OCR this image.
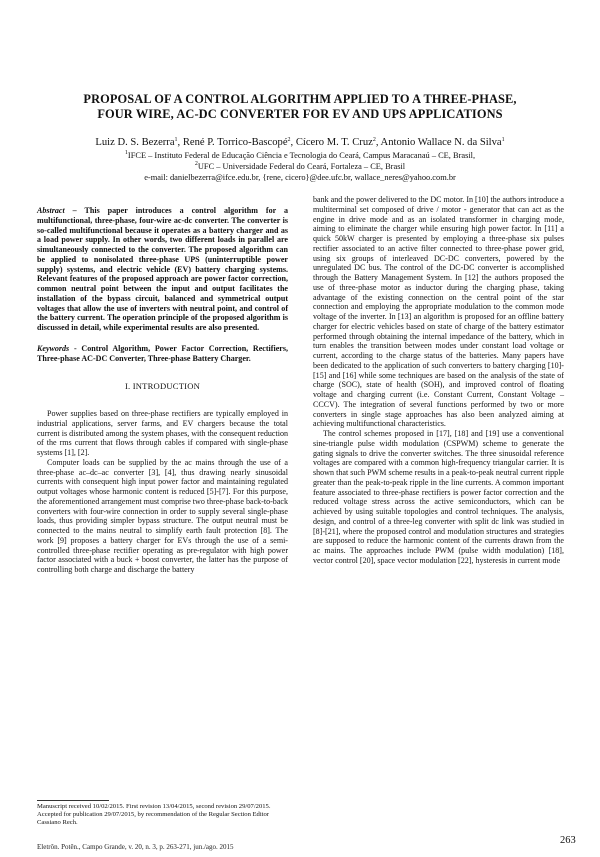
PROPOSAL OF A CONTROL ALGORITHM APPLIED TO A THREE-PHASE,
FOUR WIRE, AC-DC CONVERTER FOR EV AND UPS APPLICATIONS
Luiz D. S. Bezerra$^1$, René P. Torrico-Bascopé$^2$, Cícero M. T. Cruz$^2$, Antonio Wallace N. da Silva$^1$
$^1$IFCE – Instituto Federal de Educação Ciência e Tecnologia do Ceará, Campus Maracanaú – CE, Brasil,
$^2$UFC – Universidade Federal do Ceará, Fortaleza – CE, Brasil
e-mail: danielbezerra@ifce.edu.br, {rene, cicero}@dee.ufc.br, wallace_neres@yahoo.com.br

Abstract – This paper introduces a control algorithm for a multifunctional, three-phase, four-wire ac-dc converter. The converter is so-called multifunctional because it operates as a battery charger and as a load power supply. In other words, two different loads in parallel are simultaneously connected to the converter. The proposed algorithm can be applied to nonisolated three-phase UPS (uninterruptible power supply) systems, and electric vehicle (EV) battery charging systems. Relevant features of the proposed approach are power factor correction, common neutral point between the input and output facilitates the installation of the bypass circuit, balanced and symmetrical output voltages that allow the use of inverters with neutral point, and control of the battery current. The operation principle of the proposed algorithm is discussed in detail, while experimental results are also presented.

Keywords - Control Algorithm, Power Factor Correction, Rectifiers, Three-phase AC-DC Converter, Three-phase Battery Charger.

I. INTRODUCTION

Power supplies based on three-phase rectifiers are typically employed in industrial applications, server farms, and EV chargers because the total current is distributed among the system phases, with the consequent reduction of the rms current that flows through cables if compared with single-phase systems [1], [2].

Computer loads can be supplied by the ac mains through the use of a three-phase ac–dc–ac converter [3], [4], thus drawing nearly sinusoidal currents with consequent high input power factor and maintaining regulated output voltages whose harmonic content is reduced [5]-[7]. For this purpose, the aforementioned arrangement must comprise two three-phase back-to-back converters with four-wire connection in order to supply several single-phase loads, thus providing simpler bypass structure. The output neutral must be connected to the mains neutral to simplify earth fault protection [8]. The work [9] proposes a battery charger for EVs through the use of a semi-controlled three-phase rectifier operating as pre-regulator with high power factor associated with a buck + boost converter, the latter has the purpose of controlling both charge and discharge the battery

bank and the power delivered to the DC motor. In [10] the authors introduce a multiterminal set composed of drive / motor - generator that can act as the engine in drive mode and as an isolated transformer in charging mode, aiming to eliminate the charger while ensuring high power factor. In [11] a quick 50kW charger is presented by employing a three-phase six pulses rectifier associated to an active filter connected to three-phase power grid, using six groups of interleaved DC-DC converters, powered by the unregulated DC bus. The control of the DC-DC converter is accomplished through the Battery Management System. In [12] the authors proposed the use of three-phase motor as inductor during the charging phase, taking advantage of the existing connection on the central point of the star connection and employing the appropriate modulation to the common mode voltage of the inverter. In [13] an algorithm is proposed for an offline battery charger for electric vehicles based on state of charge of the battery estimator performed through obtaining the internal impedance of the battery, which in turn enables the transition between modes under constant load voltage or current, according to the charge status of the batteries. Many papers have been dedicated to the application of such converters to battery charging [10]-[15] and [16] while some techniques are based on the analysis of the state of charge (SOC), state of health (SOH), and improved control of floating voltage and charging current (i.e. Constant Current, Constant Voltage – CCCV). The integration of several functions performed by two or more converters in single stage approaches has also been analyzed aiming at achieving multifunctional characteristics.

The control schemes proposed in [17], [18] and [19] use a conventional sine-triangle pulse width modulation (CSPWM) scheme to generate the gating signals to drive the converter switches. The three sinusoidal reference voltages are compared with a common high-frequency triangular carrier. It is shown that such PWM scheme results in a peak-to-peak neutral current ripple greater than the peak-to-peak ripple in the line currents. A common important feature associated to three-phase rectifiers is power factor correction and the reduced voltage stress across the active semiconductors, which can be achieved by using suitable topologies and control techniques. The analysis, design, and control of a three-leg converter with split dc link was studied in [8]-[21], where the proposed control and modulation structures and strategies are supposed to reduce the harmonic content of the currents drawn from the ac mains. The approaches include PWM (pulse width modulation) [18], vector control [20], space vector modulation [22], hysteresis in current mode

Manuscript received 10/02/2015. First revision 13/04/2015, second revision 29/07/2015. Accepted for publication 29/07/2015, by recommendation of the Regular Section Editor Cassiano Rech.
Eletrôn. Potên., Campo Grande, v. 20, n. 3, p. 263-271, jun./ago. 2015
263
